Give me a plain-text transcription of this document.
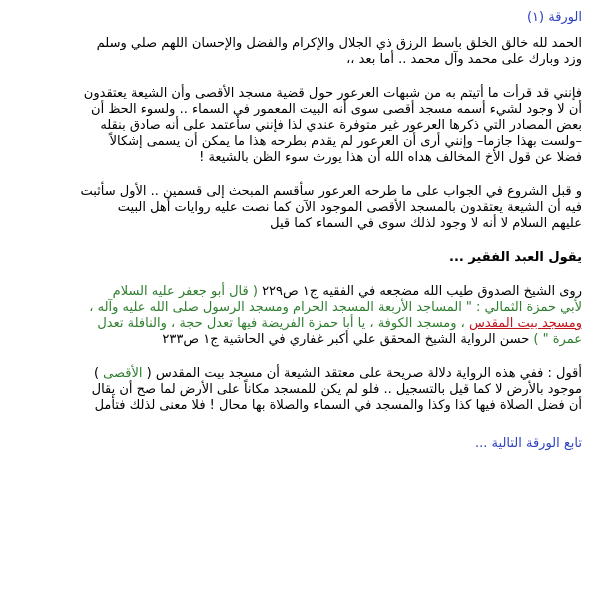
الورقة (١)
الحمد لله خالق الخلق باسط الرزق ذي الجلال والإكرام والفضل والإحسان اللهم صلي وسلم
وزد وبارك على محمد وآل محمد .. أما بعد ،،
فإنني قد قرأت ما أتيتم به من شبهات العرعور حول قضية مسجد الأقصى وأن الشيعة يعتقدون
أن لا وجود لشيء أسمه مسجد أقصى سوى أنه البيت المعمور في السماء .. ولسوء الحظ أن
بعض المصادر التي ذكرها العرعور غير متوفرة عندي لذا فإنني سأعتمد على أنه صادق بنقله
–ولست بهذا جازما– وإنني أرى أن العرعور لم يقدم بطرحه هذا ما يمكن أن يسمى إشكالاً
فضلا عن قول الأخ المخالف هداه الله أن هذا يورث سوء الظن بالشيعة !
و قبل الشروع في الجواب على ما طرحه العرعور سأقسم المبحث إلى قسمين .. الأول سأثبت
فيه أن الشيعة يعتقدون بالمسجد الأقصى الموجود الآن كما نصت عليه روايات أهل البيت
عليهم السلام لا أنه لا وجود لذلك سوى في السماء كما قيل
يقول العبد الفقير ...
روى الشيخ الصدوق طيب الله مضجعه في الفقيه ج١ ص٢٢٩ ( قال أبو جعفر عليه السلام
لأبي حمزة الثمالي : " المساجد الأربعة المسجد الحرام ومسجد الرسول صلى الله عليه وآله ،
ومسجد بيت المقدس ، ومسجد الكوفة ، يا أبا حمزة الفريضة فيها تعدل حجة ، والنافلة تعدل
عمرة " ) حسن الرواية الشيخ المحقق علي أكبر غفاري في الحاشية ج١ ص٢٣٣
أقول : ففي هذه الرواية دلالة صريحة على معتقد الشيعة أن مسجد بيت المقدس ( الأقصى )
موجود بالأرض لا كما قيل بالتسجيل .. فلو لم يكن للمسجد مكاناً على الأرض لما صح أن يقال
أن فضل الصلاة فيها كذا وكذا والمسجد في السماء والصلاة بها محال ! فلا معنى لذلك فتأمل
تابع الورقة التالية ...
